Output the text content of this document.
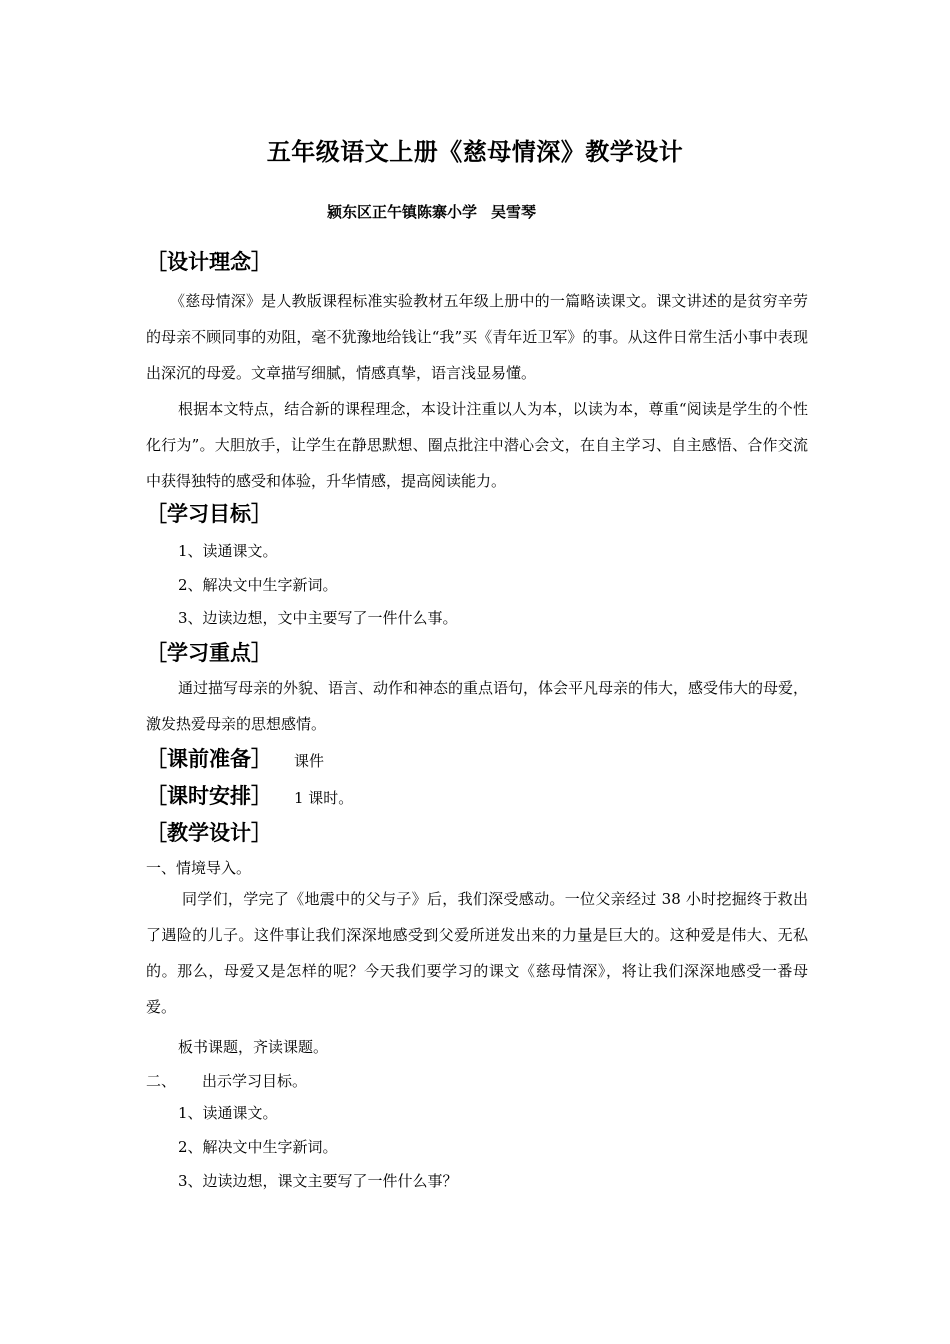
五年级语文上册《慈母情深》教学设计
颍东区正午镇陈寨小学 吴雪琴
［设计理念］
《慈母情深》是人教版课程标准实验教材五年级上册中的一篇略读课文。课文讲述的是贫穷辛劳的母亲不顾同事的劝阻，毫不犹豫地给钱让“我”买《青年近卫军》的事。从这件日常生活小事中表现出深沉的母爱。文章描写细腻，情感真挚，语言浅显易懂。
根据本文特点，结合新的课程理念，本设计注重以人为本，以读为本，尊重“阅读是学生的个性化行为”。大胆放手，让学生在静思默想、圈点批注中潜心会文，在自主学习、自主感悟、合作交流中获得独特的感受和体验，升华情感，提高阅读能力。
［学习目标］
1、读通课文。
2、解决文中生字新词。
3、边读边想，文中主要写了一件什么事。
［学习重点］
通过描写母亲的外貌、语言、动作和神态的重点语句，体会平凡母亲的伟大，感受伟大的母爱，激发热爱母亲的思想感情。
［课前准备］ 课件
［课时安排］ 1 课时。
［教学设计］
一、情境导入。
同学们，学完了《地震中的父与子》后，我们深受感动。一位父亲经过 38 小时挖掘终于救出了遇险的儿子。这件事让我们深深地感受到父爱所迸发出来的力量是巨大的。这种爱是伟大、无私的。那么，母爱又是怎样的呢？今天我们要学习的课文《慈母情深》，将让我们深深地感受一番母爱。
板书课题，齐读课题。
二、 出示学习目标。
1、读通课文。
2、解决文中生字新词。
3、边读边想，课文主要写了一件什么事？
